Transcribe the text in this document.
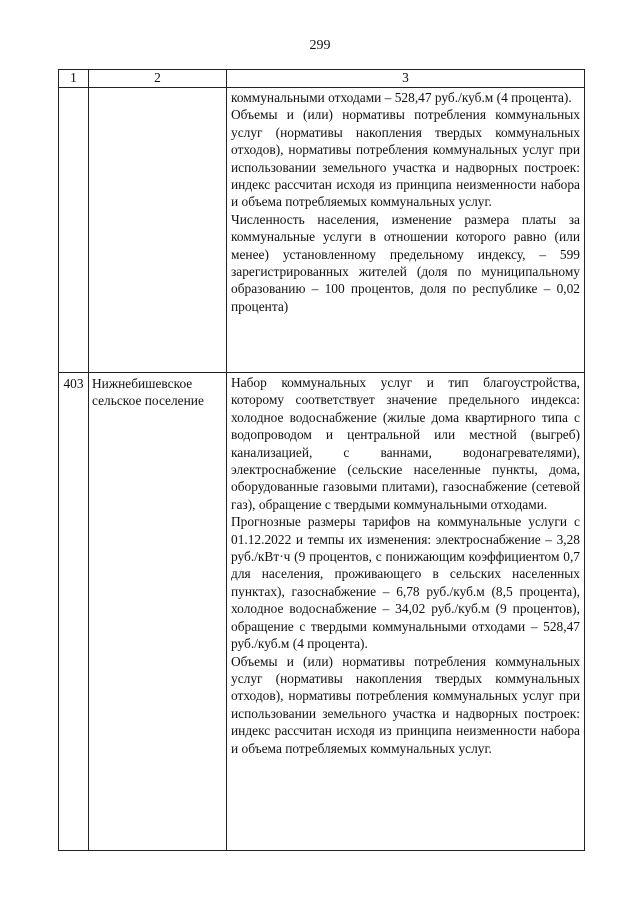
299
1	2	3

		коммунальными отходами – 528,47 руб./куб.м (4 процента).

Объемы и (или) нормативы потребления коммунальных услуг (нормативы накопления твердых коммунальных отходов), нормативы потребления коммунальных услуг при использовании земельного участка и надворных построек: индекс рассчитан исходя из принципа неизменности набора и объема потребляемых коммунальных услуг.

Численность населения, изменение размера платы за коммунальные услуги в отношении которого равно (или менее) установленному предельному индексу, – 599 зарегистрированных жителей (доля по муниципальному образованию – 100 процентов, доля по республике – 0,02 процента)

403	Нижнебишевское сельское поселение	Набор коммунальных услуг и тип благоустройства, которому соответствует значение предельного индекса: холодное водоснабжение (жилые дома квартирного типа с водопроводом и центральной или местной (выгреб) канализацией, с ваннами, водонагревателями), электроснабжение (сельские населенные пункты, дома, оборудованные газовыми плитами), газоснабжение (сетевой газ), обращение с твердыми коммунальными отходами.

Прогнозные размеры тарифов на коммунальные услуги с 01.12.2022 и темпы их изменения: электроснабжение – 3,28 руб./кВт·ч (9 процентов, с понижающим коэффициентом 0,7 для населения, проживающего в сельских населенных пунктах), газоснабжение – 6,78 руб./куб.м (8,5 процента), холодное водоснабжение – 34,02 руб./куб.м (9 процентов), обращение с твердыми коммунальными отходами – 528,47 руб./куб.м (4 процента).

Объемы и (или) нормативы потребления коммунальных услуг (нормативы накопления твердых коммунальных отходов), нормативы потребления коммунальных услуг при использовании земельного участка и надворных построек: индекс рассчитан исходя из принципа неизменности набора и объема потребляемых коммунальных услуг.
